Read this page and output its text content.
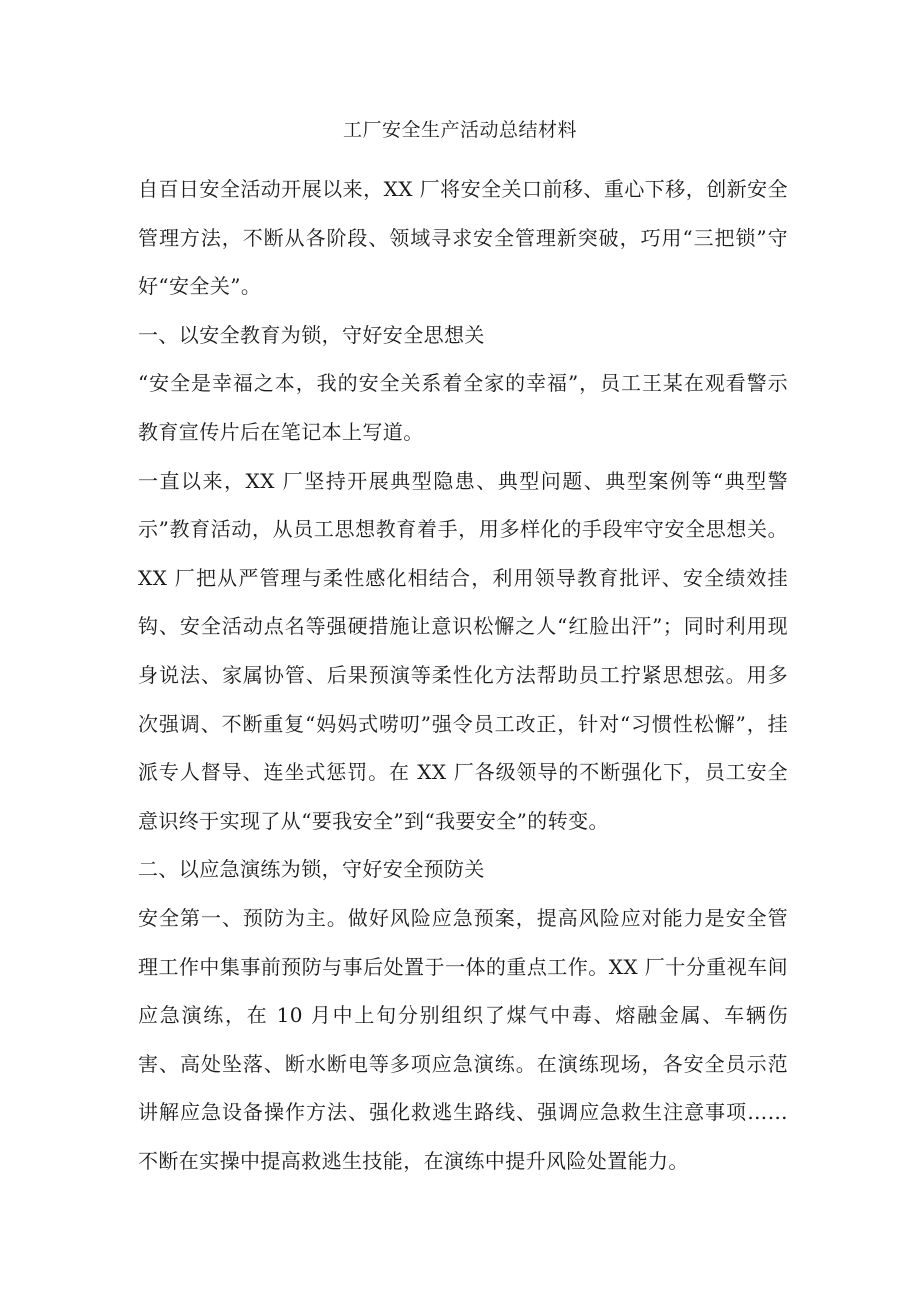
工厂安全生产活动总结材料

自百日安全活动开展以来，XX 厂将安全关口前移、重心下移，创新安全管理方法，不断从各阶段、领域寻求安全管理新突破，巧用“三把锁”守好“安全关”。

一、以安全教育为锁，守好安全思想关

“安全是幸福之本，我的安全关系着全家的幸福”，员工王某在观看警示教育宣传片后在笔记本上写道。

一直以来，XX 厂坚持开展典型隐患、典型问题、典型案例等“典型警示”教育活动，从员工思想教育着手，用多样化的手段牢守安全思想关。XX 厂把从严管理与柔性感化相结合，利用领导教育批评、安全绩效挂钩、安全活动点名等强硬措施让意识松懈之人“红脸出汗”；同时利用现身说法、家属协管、后果预演等柔性化方法帮助员工拧紧思想弦。用多次强调、不断重复“妈妈式唠叨”强令员工改正，针对“习惯性松懈”，挂派专人督导、连坐式惩罚。在 XX 厂各级领导的不断强化下，员工安全意识终于实现了从“要我安全”到“我要安全”的转变。

二、以应急演练为锁，守好安全预防关

安全第一、预防为主。做好风险应急预案，提高风险应对能力是安全管理工作中集事前预防与事后处置于一体的重点工作。XX 厂十分重视车间应急演练，在 10 月中上旬分别组织了煤气中毒、熔融金属、车辆伤害、高处坠落、断水断电等多项应急演练。在演练现场，各安全员示范讲解应急设备操作方法、强化救逃生路线、强调应急救生注意事项……不断在实操中提高救逃生技能，在演练中提升风险处置能力。
